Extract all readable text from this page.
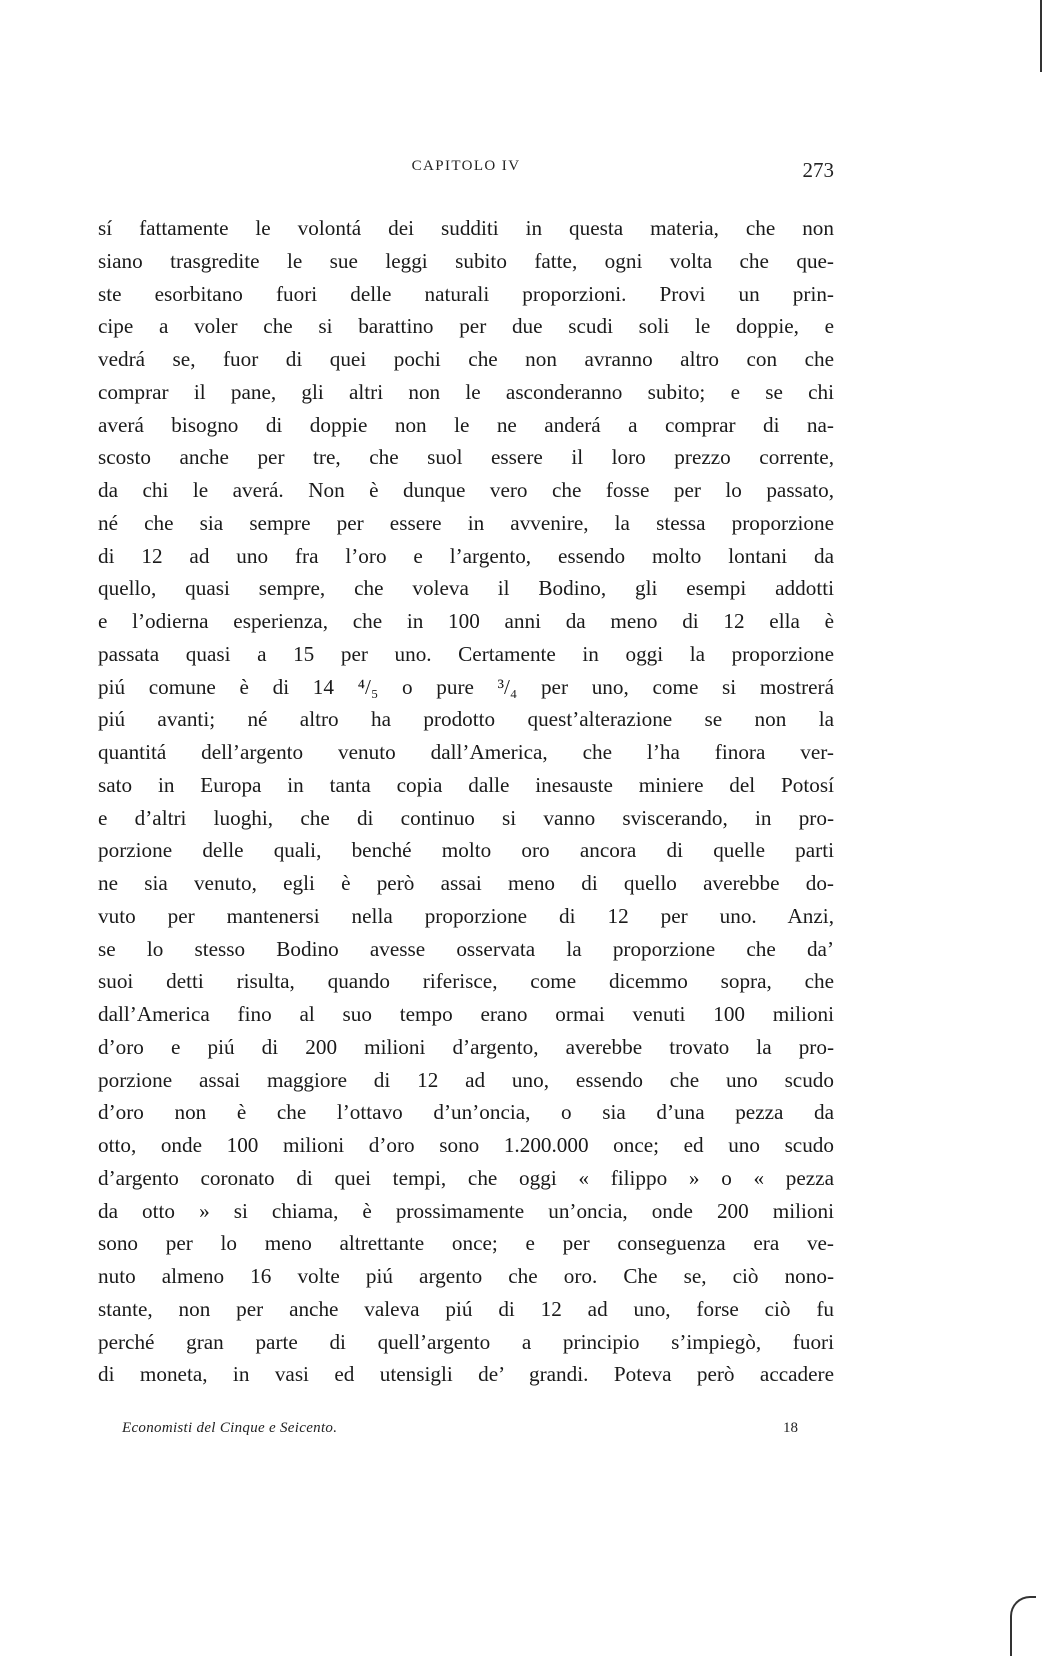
CAPITOLO IV	273
sí fattamente le volontá dei sudditi in questa materia, che non
siano trasgredite le sue leggi subito fatte, ogni volta che que-
ste esorbitano fuori delle naturali proporzioni. Provi un prin-
cipe a voler che si barattino per due scudi soli le doppie, e
vedrá se, fuor di quei pochi che non avranno altro con che
comprar il pane, gli altri non le asconderanno subito; e se chi
averá bisogno di doppie non le ne anderá a comprar di na-
scosto anche per tre, che suol essere il loro prezzo corrente,
da chi le averá. Non è dunque vero che fosse per lo passato,
né che sia sempre per essere in avvenire, la stessa proporzione
di 12 ad uno fra l’oro e l’argento, essendo molto lontani da
quello, quasi sempre, che voleva il Bodino, gli esempi addotti
e l’odierna esperienza, che in 100 anni da meno di 12 ella è
passata quasi a 15 per uno. Certamente in oggi la proporzione
piú comune è di 14 ⁴/₅ o pure ³/₄ per uno, come si mostrerá
piú avanti; né altro ha prodotto quest’alterazione se non la
quantitá dell’argento venuto dall’America, che l’ha finora ver-
sato in Europa in tanta copia dalle inesauste miniere del Potosí
e d’altri luoghi, che di continuo si vanno sviscerando, in pro-
porzione delle quali, benché molto oro ancora di quelle parti
ne sia venuto, egli è però assai meno di quello averebbe do-
vuto per mantenersi nella proporzione di 12 per uno. Anzi,
se lo stesso Bodino avesse osservata la proporzione che da’
suoi detti risulta, quando riferisce, come dicemmo sopra, che
dall’America fino al suo tempo erano ormai venuti 100 milioni
d’oro e piú di 200 milioni d’argento, averebbe trovato la pro-
porzione assai maggiore di 12 ad uno, essendo che uno scudo
d’oro non è che l’ottavo d’un’oncia, o sia d’una pezza da
otto, onde 100 milioni d’oro sono 1.200.000 once; ed uno scudo
d’argento coronato di quei tempi, che oggi « filippo » o « pezza
da otto » si chiama, è prossimamente un’oncia, onde 200 milioni
sono per lo meno altrettante once; e per conseguenza era ve-
nuto almeno 16 volte piú argento che oro. Che se, ciò nono-
stante, non per anche valeva piú di 12 ad uno, forse ciò fu
perché gran parte di quell’argento a principio s’impiegò, fuori
di moneta, in vasi ed utensigli de’ grandi. Poteva però accadere
Economisti del Cinque e Seicento.	18
